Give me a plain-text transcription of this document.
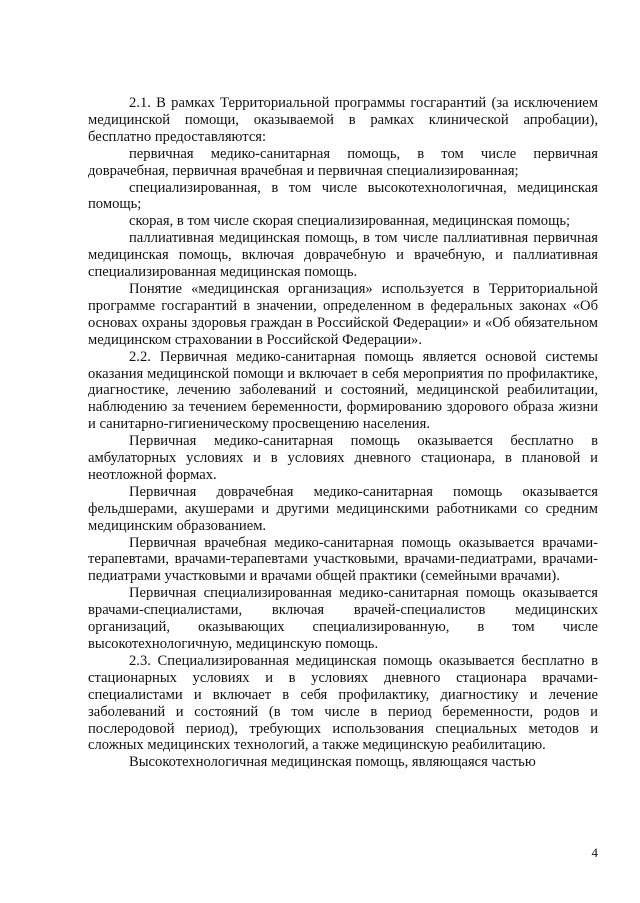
2.1. В рамках Территориальной программы госгарантий (за исключением медицинской помощи, оказываемой в рамках клинической апробации), бесплатно предоставляются:

первичная медико-санитарная помощь, в том числе первичная доврачебная, первичная врачебная и первичная специализированная;

специализированная, в том числе высокотехнологичная, медицинская помощь;

скорая, в том числе скорая специализированная, медицинская помощь;

паллиативная медицинская помощь, в том числе паллиативная первичная медицинская помощь, включая доврачебную и врачебную, и паллиативная специализированная медицинская помощь.

Понятие «медицинская организация» используется в Территориальной программе госгарантий в значении, определенном в федеральных законах «Об основах охраны здоровья граждан в Российской Федерации» и «Об обязательном медицинском страховании в Российской Федерации».

2.2. Первичная медико-санитарная помощь является основой системы оказания медицинской помощи и включает в себя мероприятия по профилактике, диагностике, лечению заболеваний и состояний, медицинской реабилитации, наблюдению за течением беременности, формированию здорового образа жизни и санитарно-гигиеническому просвещению населения.

Первичная медико-санитарная помощь оказывается бесплатно в амбулаторных условиях и в условиях дневного стационара, в плановой и неотложной формах.

Первичная доврачебная медико-санитарная помощь оказывается фельдшерами, акушерами и другими медицинскими работниками со средним медицинским образованием.

Первичная врачебная медико-санитарная помощь оказывается врачами-терапевтами, врачами-терапевтами участковыми, врачами-педиатрами, врачами-педиатрами участковыми и врачами общей практики (семейными врачами).

Первичная специализированная медико-санитарная помощь оказывается врачами-специалистами, включая врачей-специалистов медицинских организаций, оказывающих специализированную, в том числе высокотехнологичную, медицинскую помощь.

2.3. Специализированная медицинская помощь оказывается бесплатно в стационарных условиях и в условиях дневного стационара врачами-специалистами и включает в себя профилактику, диагностику и лечение заболеваний и состояний (в том числе в период беременности, родов и послеродовой период), требующих использования специальных методов и сложных медицинских технологий, а также медицинскую реабилитацию.

Высокотехнологичная медицинская помощь, являющаяся частью

4
